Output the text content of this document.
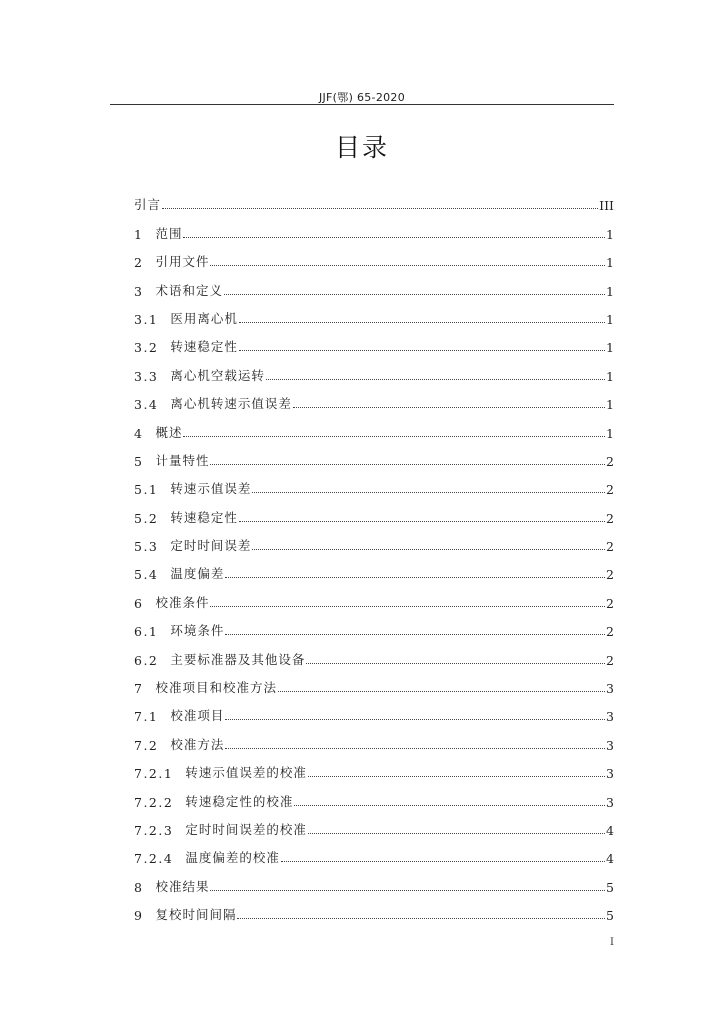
JJF(鄂) 65-2020
目录
引言	III
1 范围	1
2 引用文件	1
3 术语和定义	1
3.1 医用离心机	1
3.2 转速稳定性	1
3.3 离心机空载运转	1
3.4 离心机转速示值误差	1
4 概述	1
5 计量特性	2
5.1 转速示值误差	2
5.2 转速稳定性	2
5.3 定时时间误差	2
5.4 温度偏差	2
6 校准条件	2
6.1 环境条件	2
6.2 主要标准器及其他设备	2
7 校准项目和校准方法	3
7.1 校准项目	3
7.2 校准方法	3
7.2.1 转速示值误差的校准	3
7.2.2 转速稳定性的校准	3
7.2.3 定时时间误差的校准	4
7.2.4 温度偏差的校准	4
8 校准结果	5
9 复校时间间隔	5
I
